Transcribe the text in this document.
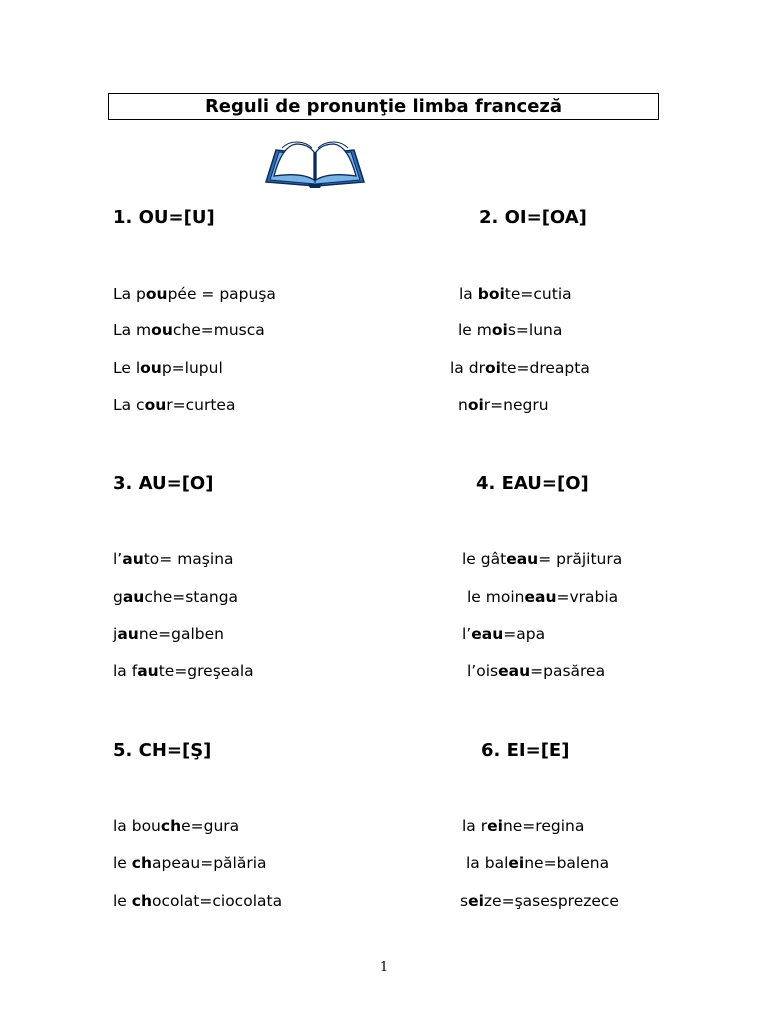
Reguli de pronunţie limba franceză
1. OU=[U]
La poupée = papuşa
La mouche=musca
Le loup=lupul
La cour=curtea
2. OI=[OA]
la boite=cutia
le mois=luna
la droite=dreapta
noir=negru
3. AU=[O]
l’auto= maşina
gauche=stanga
jaune=galben
la faute=greşeala
4. EAU=[O]
le gâteau= prăjitura
le moineau=vrabia
l’eau=apa
l’oiseau=pasărea
5. CH=[Ş]
la bouche=gura
le chapeau=pălăria
le chocolat=ciocolata
6. EI=[E]
la reine=regina
la baleine=balena
seize=şasesprezece
1
